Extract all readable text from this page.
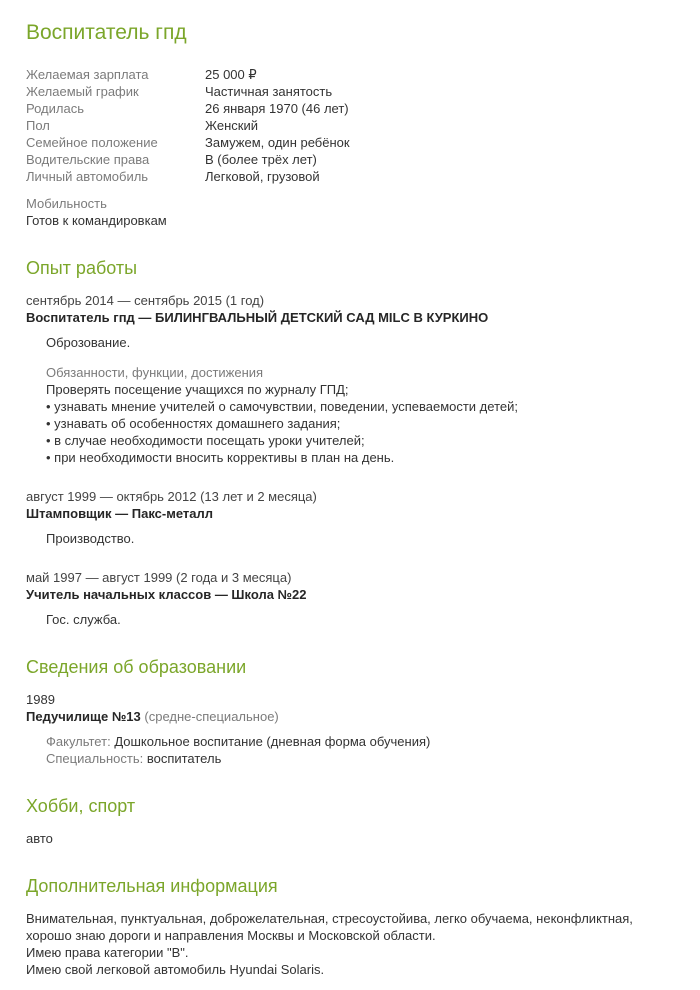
Воспитатель гпд
Желаемая зарплата	25 000 ₽
Желаемый график	Частичная занятость
Родилась	26 января 1970 (46 лет)
Пол	Женский
Семейное положение	Замужем, один ребёнок
Водительские права	В (более трёх лет)
Личный автомобиль	Легковой, грузовой
Мобильность
Готов к командировкам
Опыт работы
сентябрь 2014 — сентябрь 2015 (1 год)
Воспитатель гпд — БИЛИНГВАЛЬНЫЙ ДЕТСКИЙ САД MILC В КУРКИНО
Оброзование.
Обязанности, функции, достижения
Проверять посещение учащихся по журналу ГПД;
• узнавать мнение учителей о самочувствии, поведении, успеваемости детей;
• узнавать об особенностях домашнего задания;
• в случае необходимости посещать уроки учителей;
• при необходимости вносить коррективы в план на день.
август 1999 — октябрь 2012 (13 лет и 2 месяца)
Штамповщик — Пакс-металл
Производство.
май 1997 — август 1999 (2 года и 3 месяца)
Учитель начальных классов — Школа №22
Гос. служба.
Сведения об образовании
1989
Педучилище №13 (средне-специальное)
Факультет: Дошкольное воспитание (дневная форма обучения)
Специальность: воспитатель
Хобби, спорт
авто
Дополнительная информация
Внимательная, пунктуальная, доброжелательная, стресоустойива, легко обучаема, неконфликтная,
хорошо знаю дороги и направления Москвы и Московской области.
Имею права категории "В".
Имею свой легковой автомобиль Hyundai Solaris.
